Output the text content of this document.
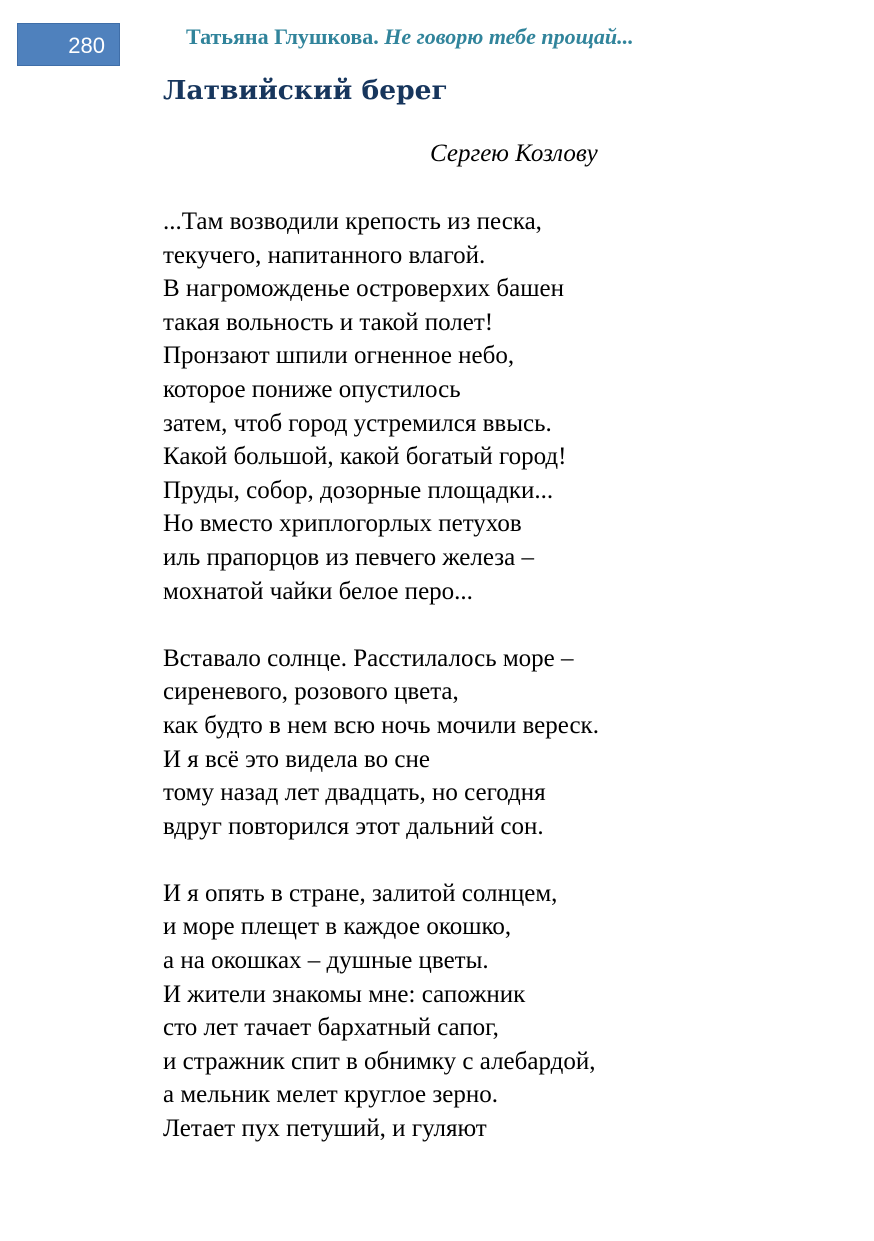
280	Татьяна Глушкова. Не говорю тебе прощай...
Латвийский берег
Сергею Козлову
...Там возводили крепость из песка,
текучего, напитанного влагой.
В нагроможденье островерхих башен
такая вольность и такой полет!
Пронзают шпили огненное небо,
которое пониже опустилось
затем, чтоб город устремился ввысь.
Какой большой, какой богатый город!
Пруды, собор, дозорные площадки...
Но вместо хриплогорлых петухов
иль прапорцов из певчего железа –
мохнатой чайки белое перо...
Вставало солнце. Расстилалось море –
сиреневого, розового цвета,
как будто в нем всю ночь мочили вереск.
И я всё это видела во сне
тому назад лет двадцать, но сегодня
вдруг повторился этот дальний сон.
И я опять в стране, залитой солнцем,
и море плещет в каждое окошко,
а на окошках – душные цветы.
И жители знакомы мне: сапожник
сто лет тачает бархатный сапог,
и стражник спит в обнимку с алебардой,
а мельник мелет круглое зерно.
Летает пух петуший, и гуляют
